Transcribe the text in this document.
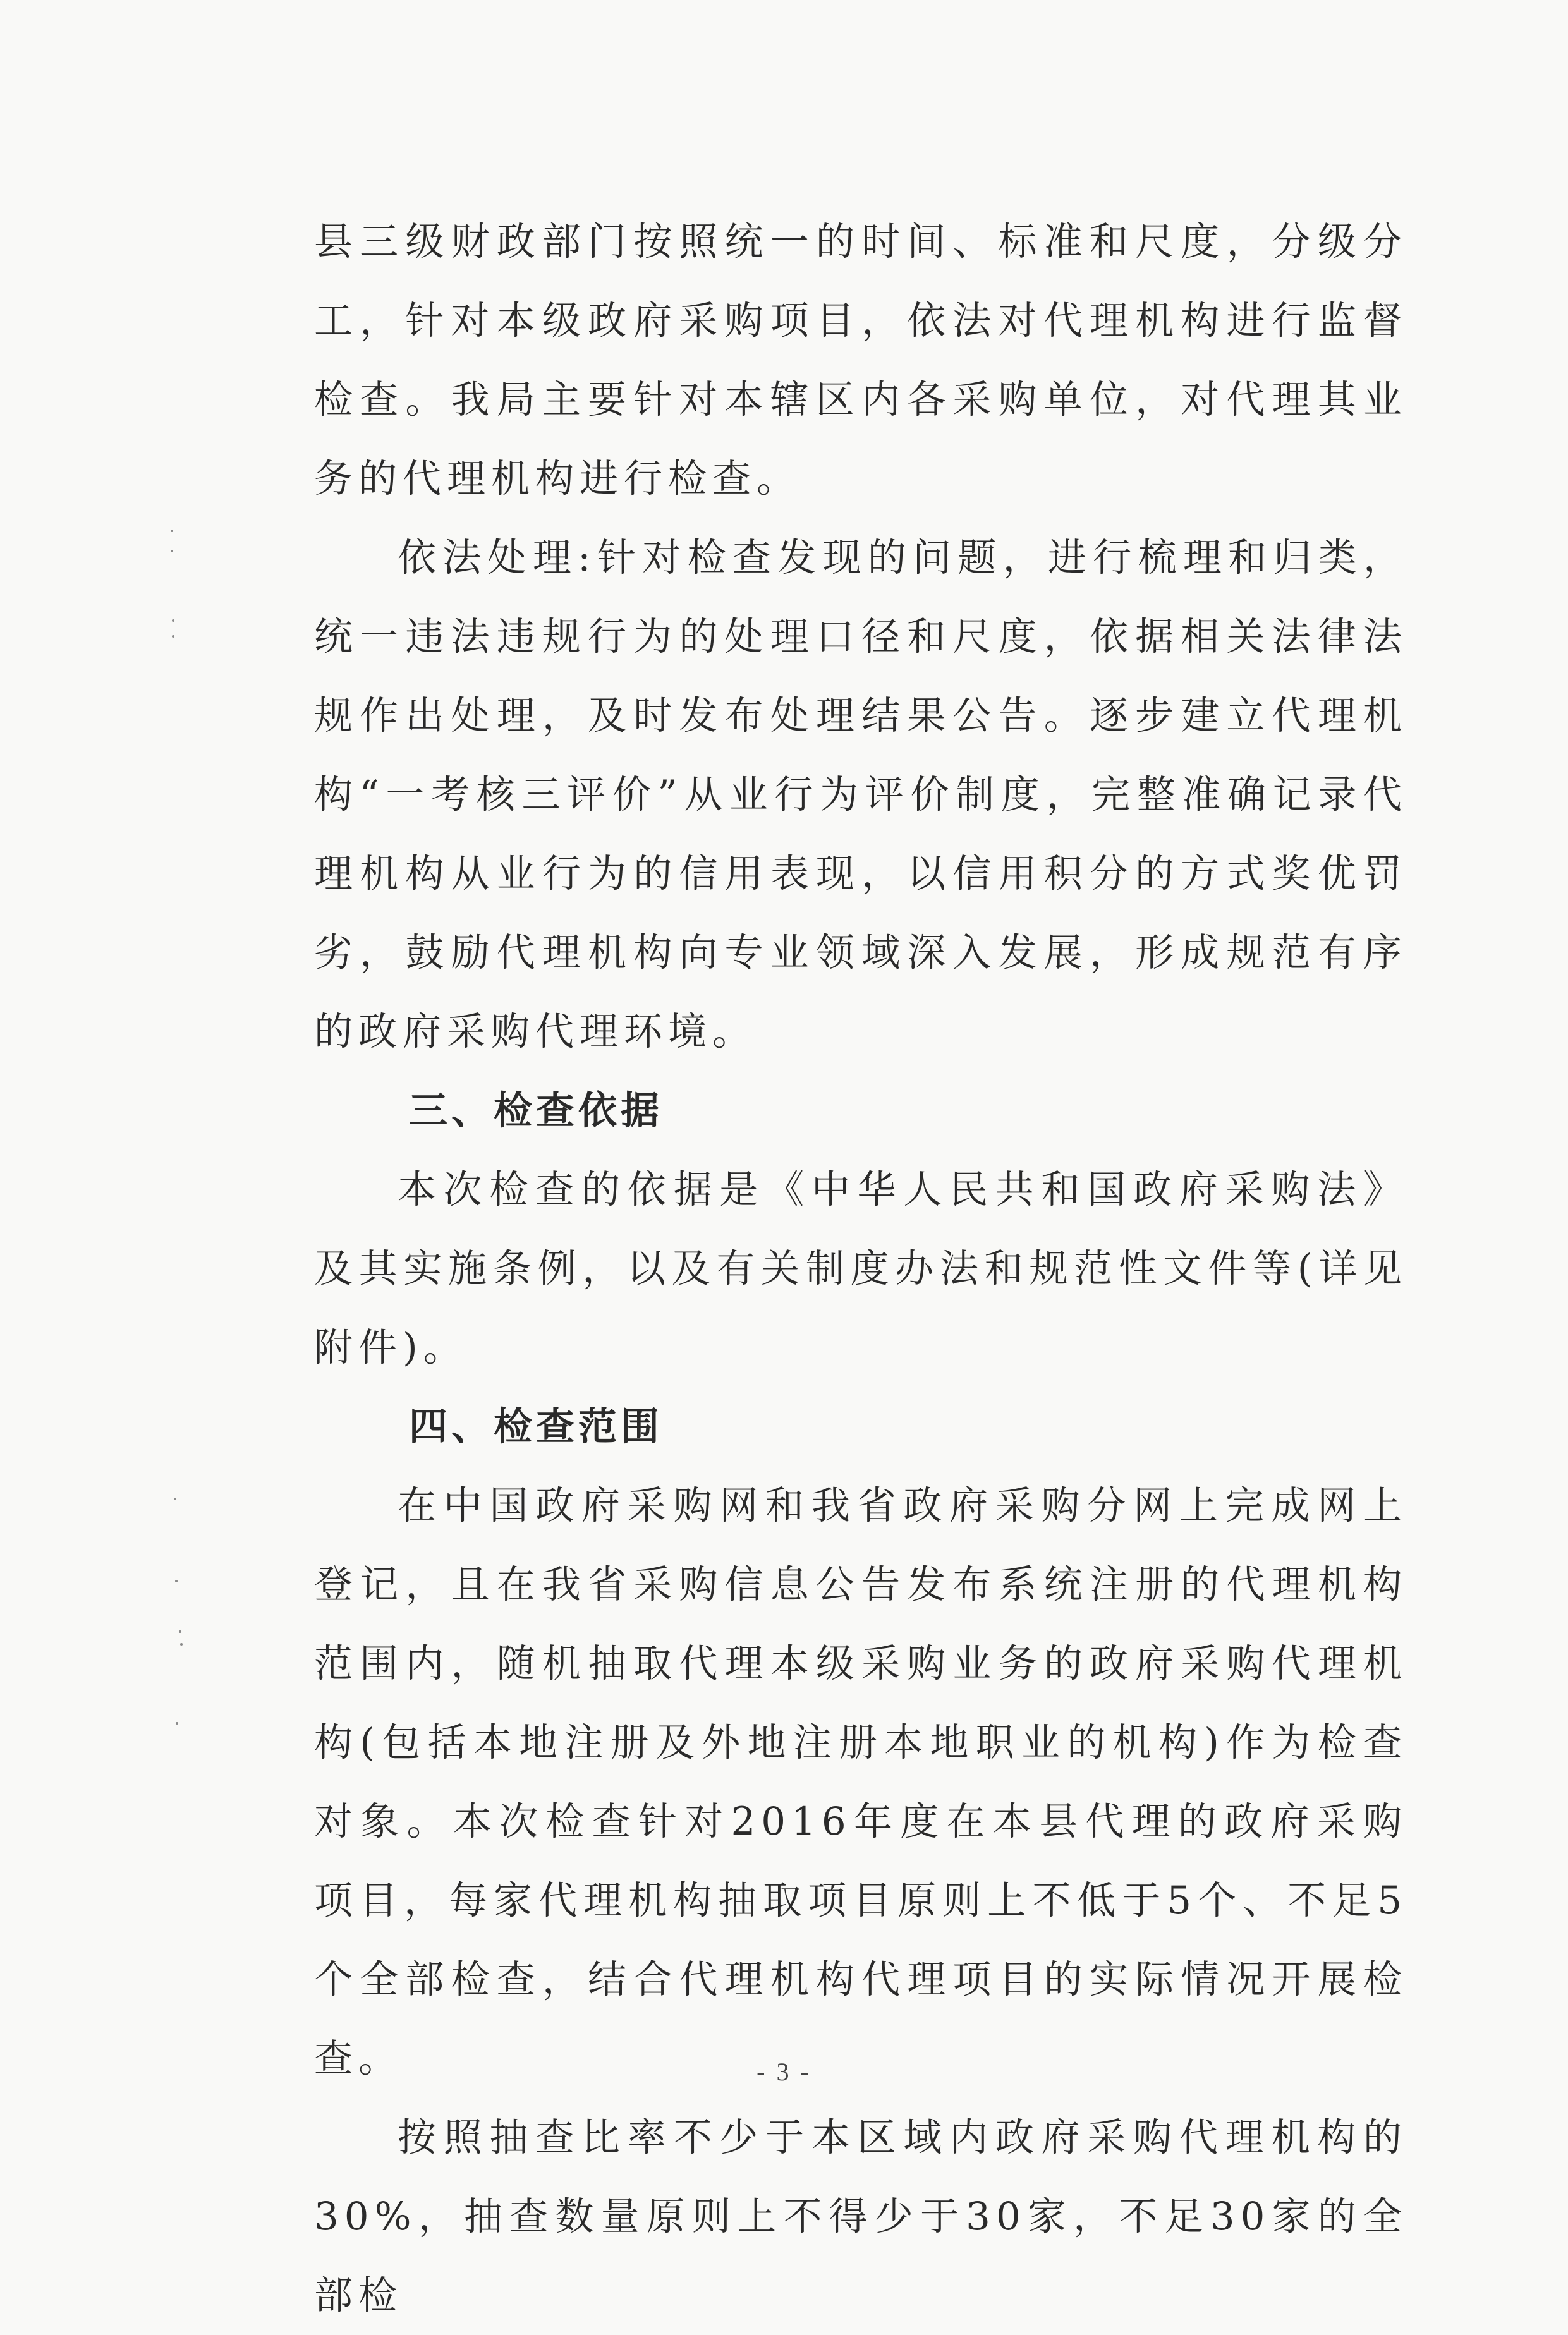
县三级财政部门按照统一的时间、标准和尺度，分级分工，针对本级政府采购项目，依法对代理机构进行监督检查。我局主要针对本辖区内各采购单位，对代理其业务的代理机构进行检查。

依法处理:针对检查发现的问题，进行梳理和归类，统一违法违规行为的处理口径和尺度，依据相关法律法规作出处理，及时发布处理结果公告。逐步建立代理机构“一考核三评价”从业行为评价制度，完整准确记录代理机构从业行为的信用表现，以信用积分的方式奖优罚劣，鼓励代理机构向专业领域深入发展，形成规范有序的政府采购代理环境。

三、检查依据

本次检查的依据是《中华人民共和国政府采购法》及其实施条例，以及有关制度办法和规范性文件等(详见附件)。

四、检查范围

在中国政府采购网和我省政府采购分网上完成网上登记，且在我省采购信息公告发布系统注册的代理机构范围内，随机抽取代理本级采购业务的政府采购代理机构(包括本地注册及外地注册本地职业的机构)作为检查对象。本次检查针对2016年度在本县代理的政府采购项目，每家代理机构抽取项目原则上不低于5个、不足5个全部检查，结合代理机构代理项目的实际情况开展检查。

按照抽查比率不少于本区域内政府采购代理机构的30%，抽查数量原则上不得少于30家，不足30家的全部检

- 3 -
